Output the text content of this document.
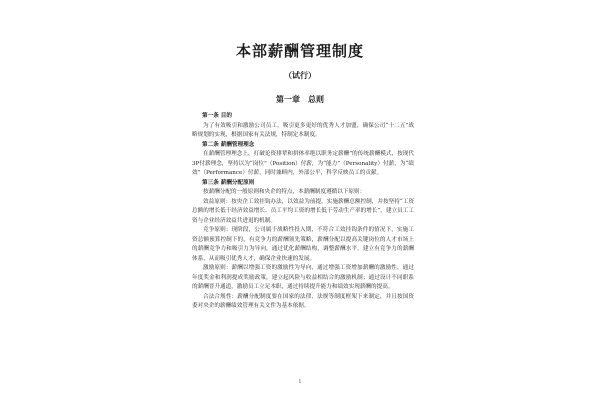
本部薪酬管理制度
（试行）
第一章　总则

第一条 目的

为了有效吸引和激励公司员工，吸引更多更好的优秀人才加盟，确保公司“十二五”战略规划的实现，根据国家有关法规，特制定本制度。

第二条 薪酬管理理念

在薪酬管理理念上，打破论资排辈和拼体率绝以职务定薪酬”的传统薪酬模式，按现代3P付薪理念，坚持以为“岗位”（Position）付薪，为“能力”（Personality）付薪，为“绩效”（Performance）付薪，同时兼顾内，外部公平，科学反映员工的贡献。

第三条 薪酬分配原则

按薪酬分配的一般原则和央企的特点，本薪酬制度遵循以下原则：

效益原则：按央企工效挂钩办法，以效益为前提，实施薪酬总额控制，并按坚持“工资总额的增长低于经济效益增长、员工平均工资的增长低于劳动生产率的增长”，建立员工工资与企业经济效益共进退的机制。

竞争原则：现阶段，公司属于战略性投入期，不符合工效挂钩条件的情况下，实施工资总额预算控制下的，有竞争力的薪酬领先策略，薪酬分配以提高关键岗位的人才市场上的薪酬竞争力和吸引力为导向，通过优化薪酬结构，调整薪酬水平，建立有竞争力的薪酬体系，从而吸引优秀人才，确保企业快速的发展。

激励原则：薪酬以增强工资的激励性为导向，通过增强工资增加薪酬的激励性，通过年度奖金和利润提成奖励政策，建立起风险与收益相结合的激励机制；通过设计不同职系的薪酬晋升通道，激励员工立足本职，通过持续提升能力和绩效实现薪酬的提高。

合法合规性：薪酬分配制度要在国家的法律、法规等制度框架下来制定，并且按国资委对央企的薪酬绩效管理有关文件为基本依据。

1
